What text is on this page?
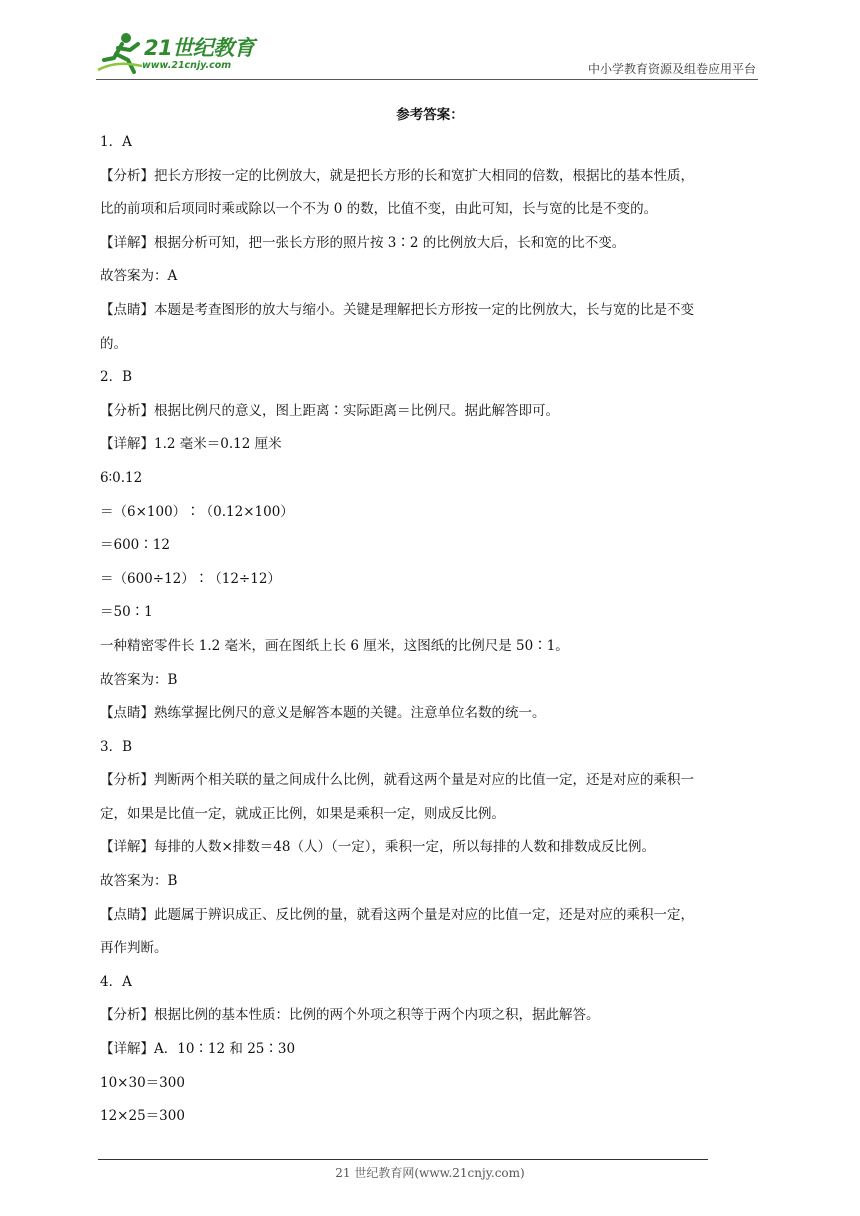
21世纪教育
www.21cnjy.com	中小学教育资源及组卷应用平台
参考答案：

1．A

【分析】把长方形按一定的比例放大，就是把长方形的长和宽扩大相同的倍数，根据比的基本性质，

比的前项和后项同时乘或除以一个不为 0 的数，比值不变，由此可知，长与宽的比是不变的。

【详解】根据分析可知，把一张长方形的照片按 3∶2 的比例放大后，长和宽的比不变。

故答案为：A

【点睛】本题是考查图形的放大与缩小。关键是理解把长方形按一定的比例放大，长与宽的比是不变

的。

2．B

【分析】根据比例尺的意义，图上距离∶实际距离＝比例尺。据此解答即可。

【详解】1.2 毫米＝0.12 厘米

6∶0.12

＝（6×100）∶（0.12×100）

＝600∶12

＝（600÷12）∶（12÷12）

＝50∶1

一种精密零件长 1.2 毫米，画在图纸上长 6 厘米，这图纸的比例尺是 50∶1。

故答案为：B

【点睛】熟练掌握比例尺的意义是解答本题的关键。注意单位名数的统一。

3．B

【分析】判断两个相关联的量之间成什么比例，就看这两个量是对应的比值一定，还是对应的乘积一

定，如果是比值一定，就成正比例，如果是乘积一定，则成反比例。

【详解】每排的人数×排数＝48（人）（一定），乘积一定，所以每排的人数和排数成反比例。

故答案为：B

【点睛】此题属于辨识成正、反比例的量，就看这两个量是对应的比值一定，还是对应的乘积一定，

再作判断。

4．A

【分析】根据比例的基本性质：比例的两个外项之积等于两个内项之积，据此解答。

【详解】A．10∶12 和 25∶30

10×30＝300

12×25＝300

21 世纪教育网(www.21cnjy.com)
